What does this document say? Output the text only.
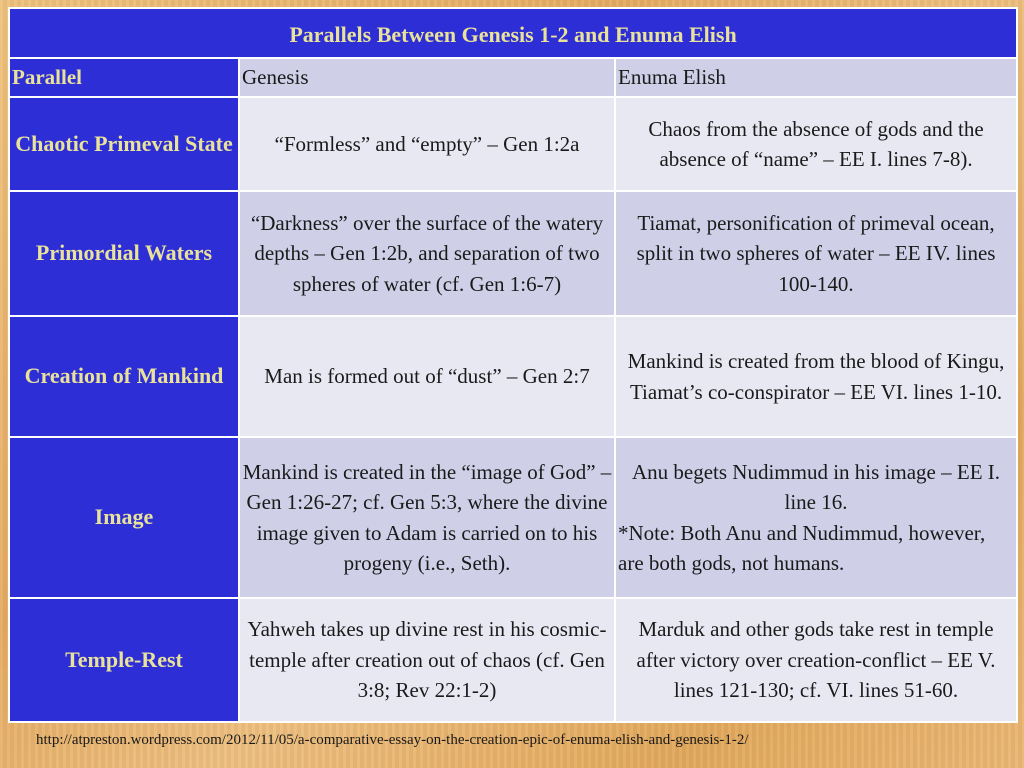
Parallels Between Genesis 1-2 and Enuma Elish		
Parallel	Genesis	Enuma Elish
Chaotic Primeval State	“Formless” and “empty” – Gen 1:2a	Chaos from the absence of gods and the absence of “name” – EE I. lines 7-8).
Primordial Waters	“Darkness” over the surface of the watery depths – Gen 1:2b, and separation of two spheres of water (cf. Gen 1:6-7)	Tiamat, personification of primeval ocean, split in two spheres of water – EE IV. lines 100-140.
Creation of Mankind	Man is formed out of “dust” – Gen 2:7	Mankind is created from the blood of Kingu, Tiamat’s co-conspirator – EE VI. lines 1-10.
Image	Mankind is created in the “image of God” – Gen 1:26-27; cf. Gen 5:3, where the divine image given to Adam is carried on to his progeny (i.e., Seth).	Anu begets Nudimmud in his image – EE I. line 16.
*Note: Both Anu and Nudimmud, however, are both gods, not humans.

Temple-Rest	Yahweh takes up divine rest in his cosmic-temple after creation out of chaos (cf. Gen 3:8; Rev 22:1-2)	Marduk and other gods take rest in temple after victory over creation-conflict – EE V. lines 121-130; cf. VI. lines 51-60.
http://atpreston.wordpress.com/2012/11/05/a-comparative-essay-on-the-creation-epic-of-enuma-elish-and-genesis-1-2/
